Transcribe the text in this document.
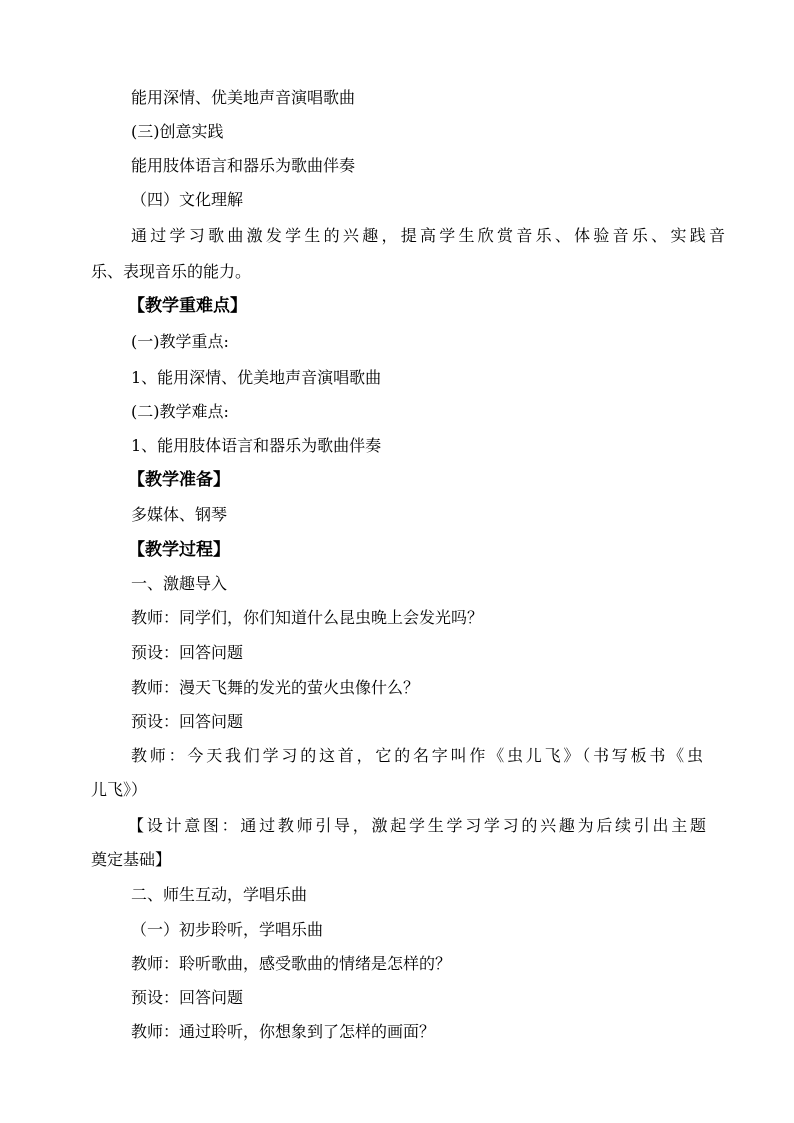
能用深情、优美地声音演唱歌曲
(三)创意实践
能用肢体语言和器乐为歌曲伴奏
（四）文化理解
通过学习歌曲激发学生的兴趣，提高学生欣赏音乐、体验音乐、实践音
乐、表现音乐的能力。
【教学重难点】
(一)教学重点:
1、能用深情、优美地声音演唱歌曲
(二)教学难点:
1、能用肢体语言和器乐为歌曲伴奏
【教学准备】
多媒体、钢琴
【教学过程】
一、激趣导入
教师：同学们，你们知道什么昆虫晚上会发光吗？
预设：回答问题
教师：漫天飞舞的发光的萤火虫像什么？
预设：回答问题
教师：今天我们学习的这首，它的名字叫作《虫儿飞》（书写板书《虫
儿飞》）
【设计意图：通过教师引导，激起学生学习学习的兴趣为后续引出主题
奠定基础】
二、师生互动，学唱乐曲
（一）初步聆听，学唱乐曲
教师：聆听歌曲，感受歌曲的情绪是怎样的？
预设：回答问题
教师：通过聆听，你想象到了怎样的画面？
